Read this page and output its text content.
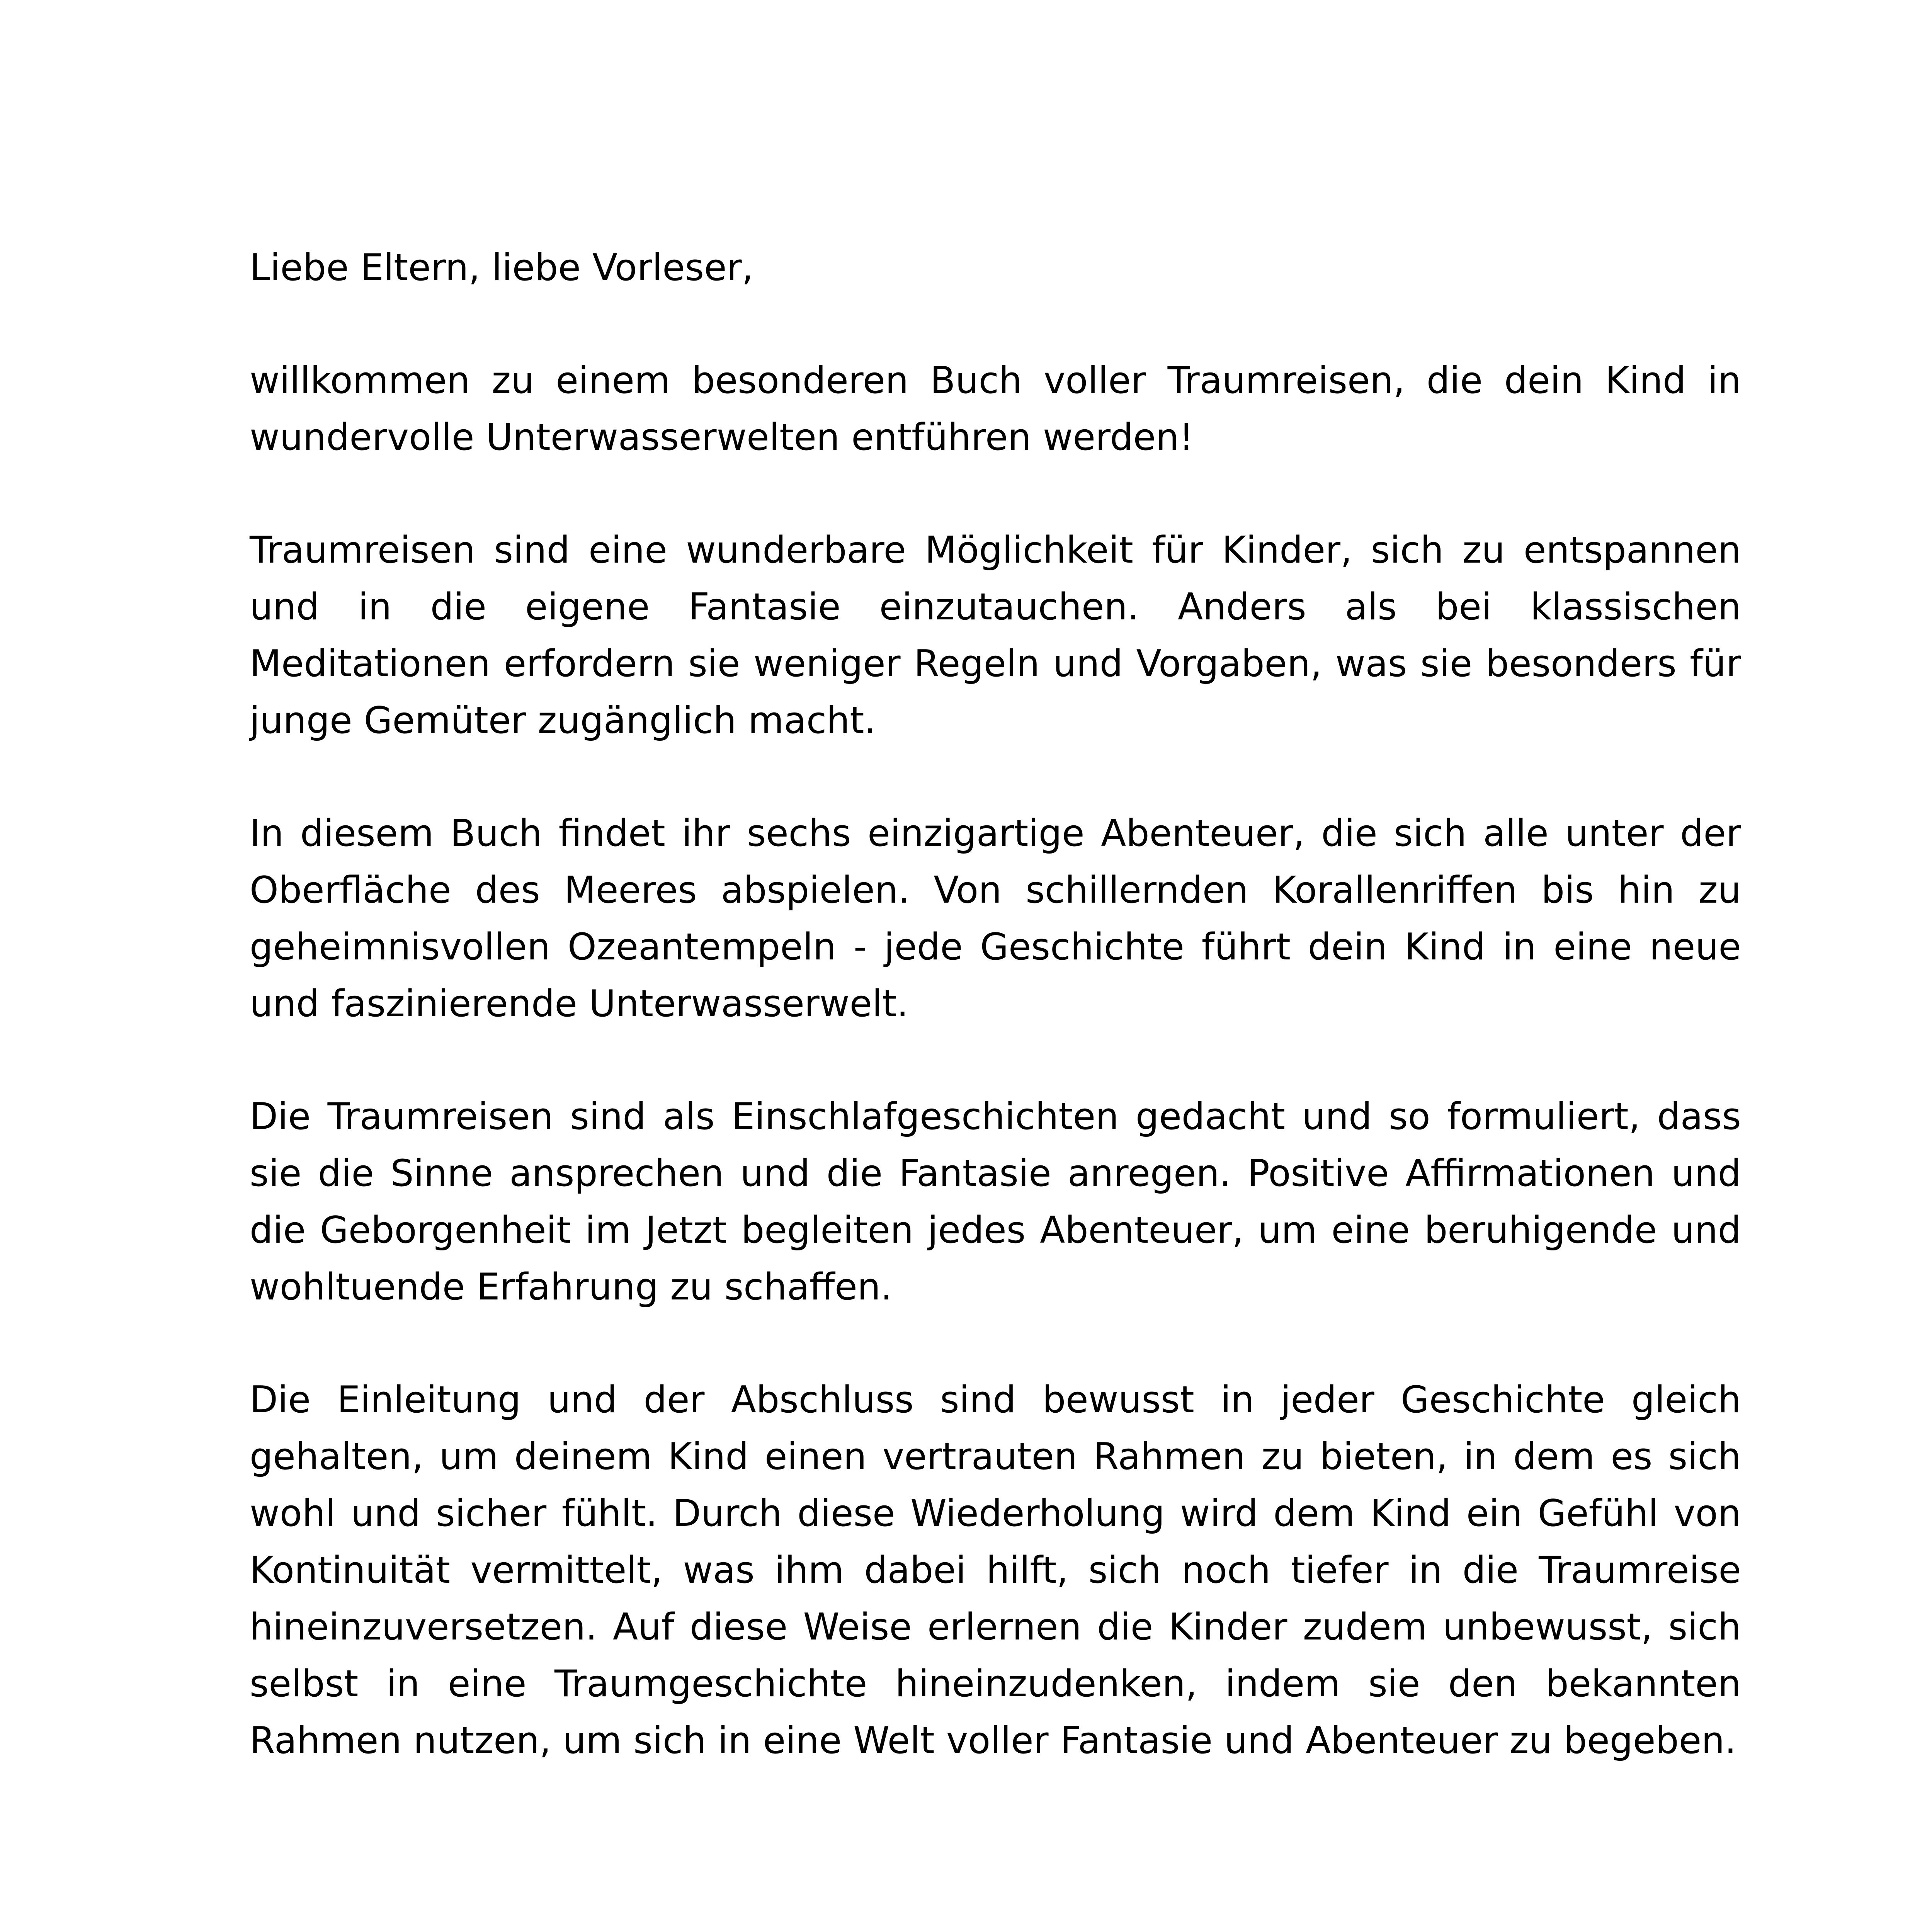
Liebe Eltern, liebe Vorleser,

willkommen zu einem besonderen Buch voller Traumreisen, die dein Kind in wundervolle Unterwasserwelten entführen werden!

Traumreisen sind eine wunderbare Möglichkeit für Kinder, sich zu entspannen und in die eigene Fantasie einzutauchen. Anders als bei klassischen Meditationen erfordern sie weniger Regeln und Vorgaben, was sie besonders für junge Gemüter zugänglich macht.

In diesem Buch findet ihr sechs einzigartige Abenteuer, die sich alle unter der Oberfläche des Meeres abspielen. Von schillernden Korallenriffen bis hin zu geheimnisvollen Ozeantempeln - jede Geschichte führt dein Kind in eine neue und faszinierende Unterwasserwelt.

Die Traumreisen sind als Einschlafgeschichten gedacht und so formuliert, dass sie die Sinne ansprechen und die Fantasie anregen. Positive Affirmationen und die Geborgenheit im Jetzt begleiten jedes Abenteuer, um eine beruhigende und wohltuende Erfahrung zu schaffen.

Die Einleitung und der Abschluss sind bewusst in jeder Geschichte gleich gehalten, um deinem Kind einen vertrauten Rahmen zu bieten, in dem es sich wohl und sicher fühlt. Durch diese Wiederholung wird dem Kind ein Gefühl von Kontinuität vermittelt, was ihm dabei hilft, sich noch tiefer in die Traumreise hineinzuversetzen. Auf diese Weise erlernen die Kinder zudem unbewusst, sich selbst in eine Traumgeschichte hineinzudenken, indem sie den bekannten Rahmen nutzen, um sich in eine Welt voller Fantasie und Abenteuer zu begeben.
